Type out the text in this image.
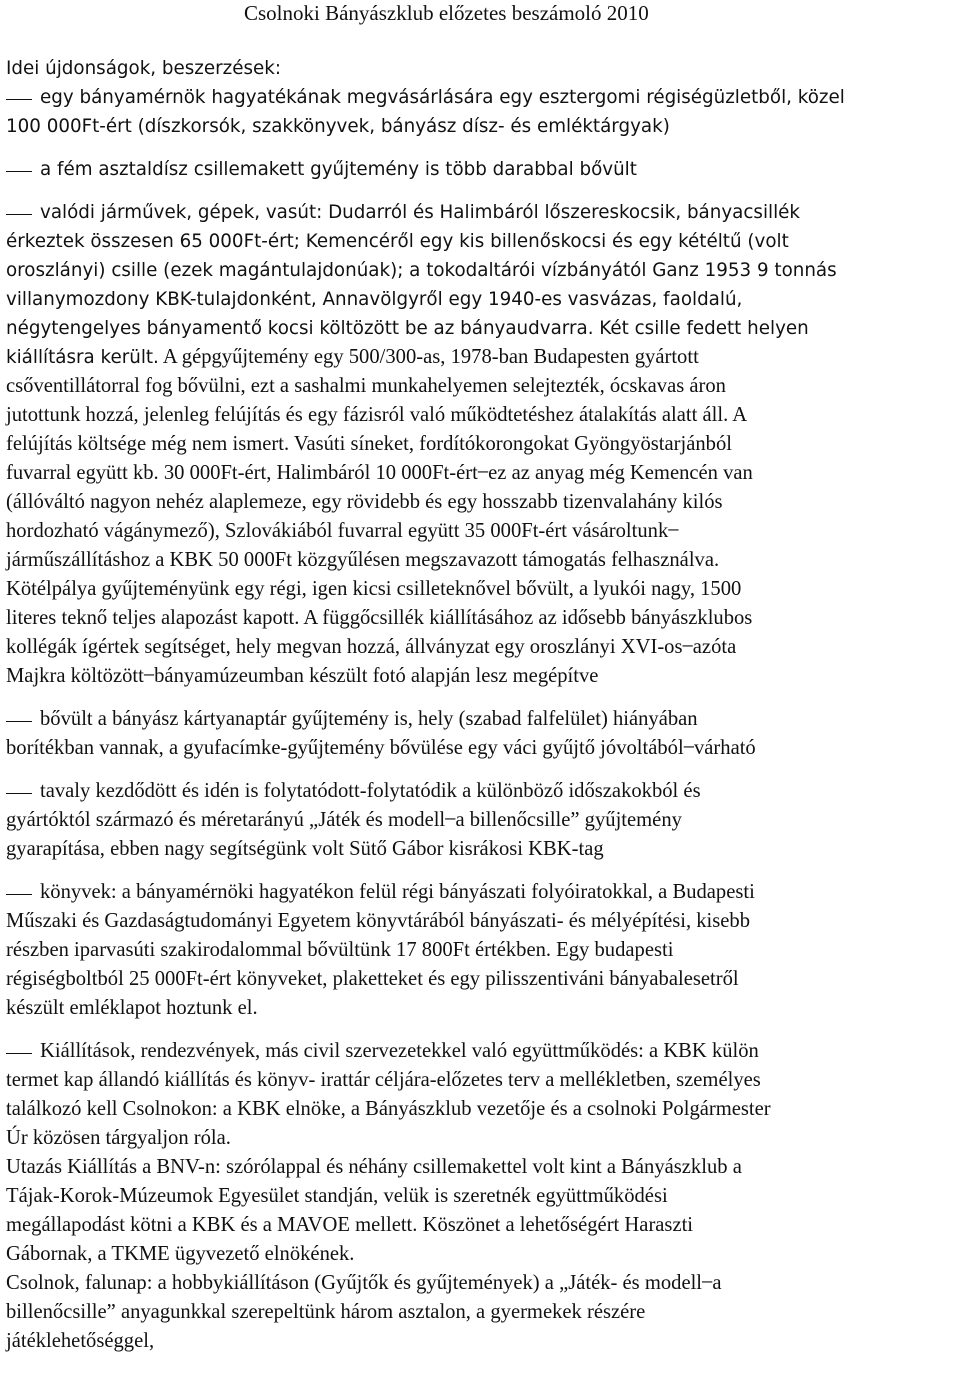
Csolnoki Bányászklub előzetes beszámoló 2010
Idei újdonságok, beszerzések:
egy bányamérnök hagyatékának megvásárlására egy esztergomi régiségüzletből, közel
100 000Ft-ért (díszkorsók, szakkönyvek, bányász dísz- és emléktárgyak)
a fém asztaldísz csillemakett gyűjtemény is több darabbal bővült
valódi járművek, gépek, vasút: Dudarról és Halimbáról lőszereskocsik, bányacsillék
érkeztek összesen 65 000Ft-ért; Kemencéről egy kis billenőskocsi és egy kétéltű (volt
oroszlányi) csille (ezek magántulajdonúak); a tokodaltárói vízbányától Ganz 1953 9 tonnás
villanymozdony KBK-tulajdonként, Annavölgyről egy 1940-es vasvázas, faoldalú,
négytengelyes bányamentő kocsi költözött be az bányaudvarra. Két csille fedett helyen
kiállításra került. A gépgyűjtemény egy 500/300-as, 1978-ban Budapesten gyártott
csőventillátorral fog bővülni, ezt a sashalmi munkahelyemen selejtezték, ócskavas áron
jutottunk hozzá, jelenleg felújítás és egy fázisról való működtetéshez átalakítás alatt áll. A
felújítás költsége még nem ismert. Vasúti síneket, fordítókorongokat Gyöngyöstarjánból
fuvarral együtt kb. 30 000Ft-ért, Halimbáról 10 000Ft-ért ̶ ez az anyag még Kemencén van
(állóváltó nagyon nehéz alaplemeze, egy rövidebb és egy hosszabb tizenvalahány kilós
hordozható vágánymező), Szlovákiából fuvarral együtt 35 000Ft-ért vásároltunk ̶
járműszállításhoz a KBK 50 000Ft közgyűlésen megszavazott támogatás felhasználva.
Kötélpálya gyűjteményünk egy régi, igen kicsi csilleteknővel bővült, a lyukói nagy, 1500
literes teknő teljes alapozást kapott. A függőcsillék kiállításához az idősebb bányászklubos
kollégák ígértek segítséget, hely megvan hozzá, állványzat egy oroszlányi XVI-os ̶ azóta
Majkra költözött ̶ bányamúzeumban készült fotó alapján lesz megépítve
bővült a bányász kártyanaptár gyűjtemény is, hely (szabad falfelület) hiányában
borítékban vannak, a gyufacímke-gyűjtemény bővülése egy váci gyűjtő jóvoltából ̶ várható
tavaly kezdődött és idén is folytatódott-folytatódik a különböző időszakokból és
gyártóktól származó és méretarányú „Játék és modell ̶ a billenőcsille” gyűjtemény
gyarapítása, ebben nagy segítségünk volt Sütő Gábor kisrákosi KBK-tag
könyvek: a bányamérnöki hagyatékon felül régi bányászati folyóiratokkal, a Budapesti
Műszaki és Gazdaságtudományi Egyetem könyvtárából bányászati- és mélyépítési, kisebb
részben iparvasúti szakirodalommal bővültünk 17 800Ft értékben. Egy budapesti
régiségboltból 25 000Ft-ért könyveket, plaketteket és egy pilisszentiváni bányabalesetről
készült emléklapot hoztunk el.
Kiállítások, rendezvények, más civil szervezetekkel való együttműködés: a KBK külön
termet kap állandó kiállítás és könyv- irattár céljára-előzetes terv a mellékletben, személyes
találkozó kell Csolnokon: a KBK elnöke, a Bányászklub vezetője és a csolnoki Polgármester
Úr közösen tárgyaljon róla.
Utazás Kiállítás a BNV-n: szórólappal és néhány csillemakettel volt kint a Bányászklub a
Tájak-Korok-Múzeumok Egyesület standján, velük is szeretnék együttműködési
megállapodást kötni a KBK és a MAVOE mellett. Köszönet a lehetőségért Haraszti
Gábornak, a TKME ügyvezető elnökének.
Csolnok, falunap: a hobbykiállításon (Gyűjtők és gyűjtemények) a „Játék- és modell ̶ a
billenőcsille” anyagunkkal szerepeltünk három asztalon, a gyermekek részére
játéklehetőséggel,
